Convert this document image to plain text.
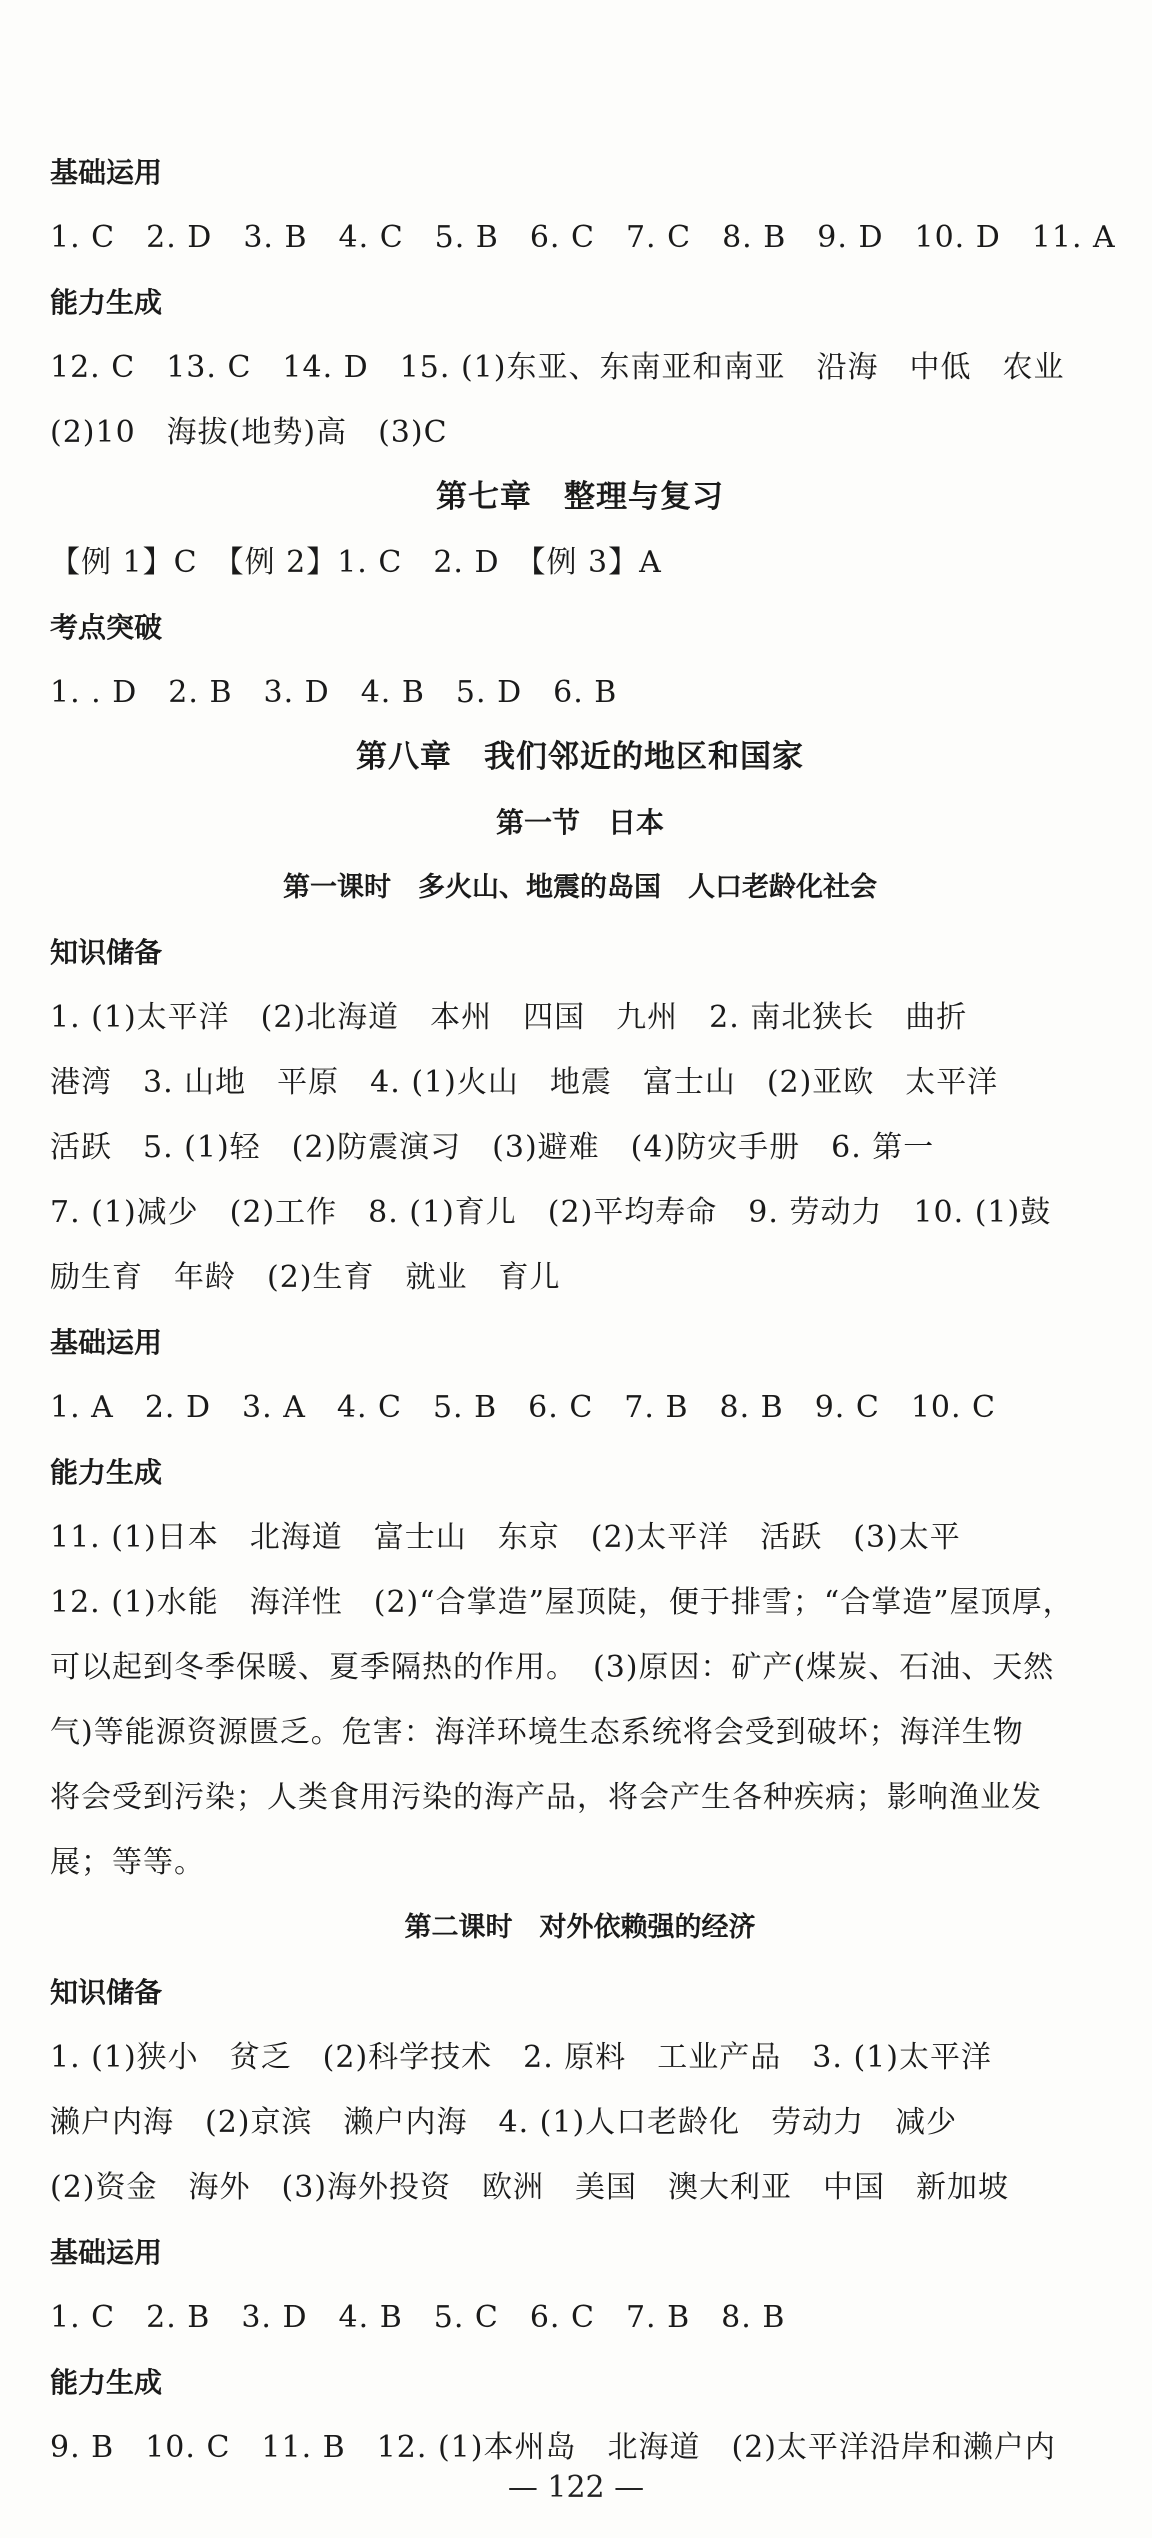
基础运用
1. C　2. D　3. B　4. C　5. B　6. C　7. C　8. B　9. D　10. D　11. A
能力生成
12. C　13. C　14. D　15. (1)东亚、东南亚和南亚　沿海　中低　农业
(2)10　海拔(地势)高　(3)C
第七章　整理与复习
【例 1】C　【例 2】1. C　2. D　【例 3】A
考点突破
1. . D　2. B　3. D　4. B　5. D　6. B
第八章　我们邻近的地区和国家
第一节　日本
第一课时　多火山、地震的岛国　人口老龄化社会
知识储备
1. (1)太平洋　(2)北海道　本州　四国　九州　2. 南北狭长　曲折
港湾　3. 山地　平原　4. (1)火山　地震　富士山　(2)亚欧　太平洋
活跃　5. (1)轻　(2)防震演习　(3)避难　(4)防灾手册　6. 第一
7. (1)减少　(2)工作　8. (1)育儿　(2)平均寿命　9. 劳动力　10. (1)鼓
励生育　年龄　(2)生育　就业　育儿
基础运用
1. A　2. D　3. A　4. C　5. B　6. C　7. B　8. B　9. C　10. C
能力生成
11. (1)日本　北海道　富士山　东京　(2)太平洋　活跃　(3)太平
12. (1)水能　海洋性　(2)“合掌造”屋顶陡，便于排雪；“合掌造”屋顶厚，
可以起到冬季保暖、夏季隔热的作用。　(3)原因：矿产(煤炭、石油、天然
气)等能源资源匮乏。危害：海洋环境生态系统将会受到破坏；海洋生物
将会受到污染；人类食用污染的海产品，将会产生各种疾病；影响渔业发
展；等等。
第二课时　对外依赖强的经济
知识储备
1. (1)狭小　贫乏　(2)科学技术　2. 原料　工业产品　3. (1)太平洋
濑户内海　(2)京滨　濑户内海　4. (1)人口老龄化　劳动力　减少
(2)资金　海外　(3)海外投资　欧洲　美国　澳大利亚　中国　新加坡
基础运用
1. C　2. B　3. D　4. B　5. C　6. C　7. B　8. B
能力生成
9. B　10. C　11. B　12. (1)本州岛　北海道　(2)太平洋沿岸和濑户内
— 122 —
